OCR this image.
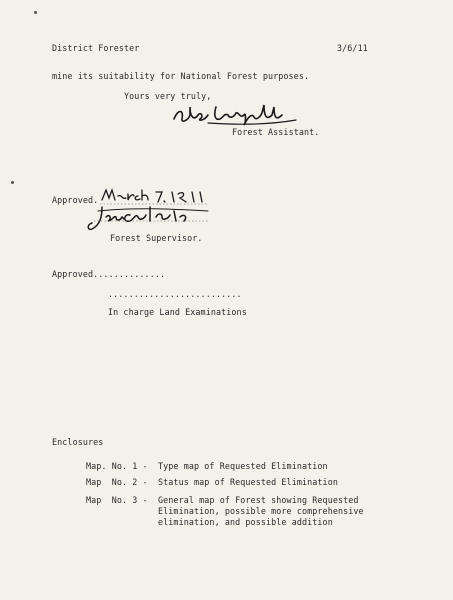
District Forester	3/6/11
mine its suitability for National Forest purposes.
Yours very truly,
Forest Assistant.
Approved.
Forest Supervisor.
Approved..............
..........................
In charge Land Examinations
Enclosures
Map. No. 1 - Type map of Requested Elimination
Map  No. 2 - Status map of Requested Elimination
Map  No. 3 - General map of Forest showing Requested
Elimination, possible more comprehensive
elimination, and possible addition
